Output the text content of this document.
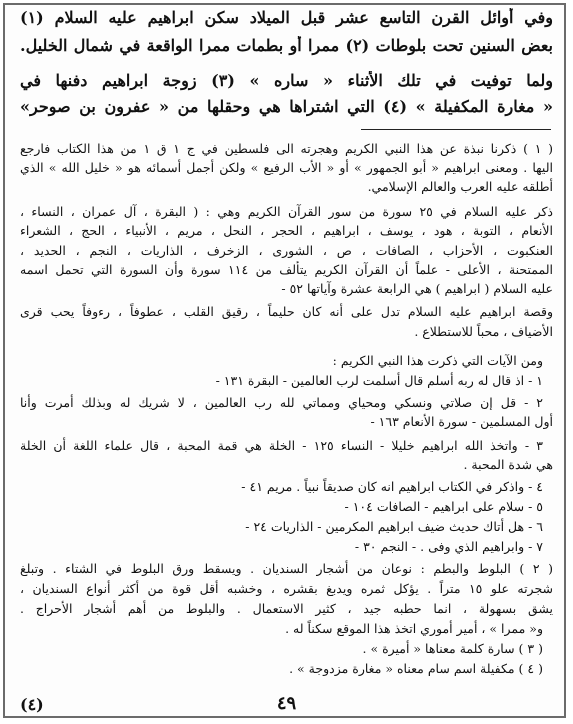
وفي أوائل القرن التاسع عشر قبل الميلاد سكن ابراهيم عليه السلام (١)
بعض السنين تحت بلوطات (٢) ممرا أو بطمات ممرا الواقعة في شمال الخليل.
ولما توفيت في تلك الأثناء « ساره » (٣) زوجة ابراهيم دفنها في
« مغارة المكفيلة » (٤) التي اشتراها هي وحقلها من « عفرون بن صوحر»
( ١ ) ذكرنا نبذة عن هذا النبي الكريم وهجرته الى فلسطين في ج ١ ق ١ من هذا الكتاب فارجع
اليها . ومعنى ابراهيم « أبو الجمهور » أو « الأب الرفيع » ولكن أجمل أسمائه هو « خليل الله » الذي
أطلقه عليه العرب والعالم الإسلامي.
ذكر عليه السلام في ٢٥ سورة من سور القرآن الكريم وهي : ( البقرة ، آل عمران ، النساء ،
الأنعام ، التوبة ، هود ، يوسف ، ابراهيم ، الحجر ، النحل ، مريم ، الأنبياء ، الحج ، الشعراء
العنكبوت ، الأحزاب ، الصافات ، ص ، الشورى ، الزخرف ، الذاريات ، النجم ، الحديد ،
الممتحنة ، الأعلى - علماً أن القرآن الكريم يتألف من ١١٤ سورة وأن السورة التي تحمل اسمه
عليه السلام ( ابراهيم ) هي الرابعة عشرة وآياتها ٥٢ -
وقصة ابراهيم عليه السلام تدل على أنه كان حليماً ، رقيق القلب ، عطوفاً ، رءوفاً يحب قرى
الأضياف ، محباً للاستطلاع .
ومن الآيات التي ذكرت هذا النبي الكريم :
١ - اذ قال له ربه أسلم قال أسلمت لرب العالمين - البقرة ١٣١ -
٢ - قل إن صلاتي ونسكي ومحياي ومماتي لله رب العالمين ، لا شريك له وبذلك أمرت وأنا
أول المسلمين - سورة الأنعام ١٦٣ -
٣ - واتخذ الله ابراهيم خليلا - النساء ١٢٥ - الخلة هي قمة المحبة ، قال علماء اللغة أن الخلة
هي شدة المحبة .
٤ - واذكر في الكتاب ابراهيم انه كان صديقاً نبياً . مريم ٤١ -
٥ - سلام على ابراهيم - الصافات ١٠٤ -
٦ - هل أتاك حديث ضيف ابراهيم المكرمين - الذاريات ٢٤ -
٧ - وابراهيم الذي وفى . - النجم ٣٠ -
( ٢ ) البلوط والبطم : نوعان من أشجار السنديان . ويسقط ورق البلوط في الشتاء . وتبلغ
شجرته علو ١٥ متراً . يؤكل ثمره ويدبغ بقشره ، وخشبه أقل قوة من أكثر أنواع السنديان ،
يشق بسهولة ، انما حطبه جيد ، كثير الاستعمال . والبلوط من أهم أشجار الأحراج .
و« ممرا » ، أمير أموري اتخذ هذا الموقع سكناً له .
( ٣ ) سارة كلمة معناها « أميرة » .
( ٤ ) مكفيلة اسم سام معناه « مغارة مزدوجة » .
٤٩
(٤)
